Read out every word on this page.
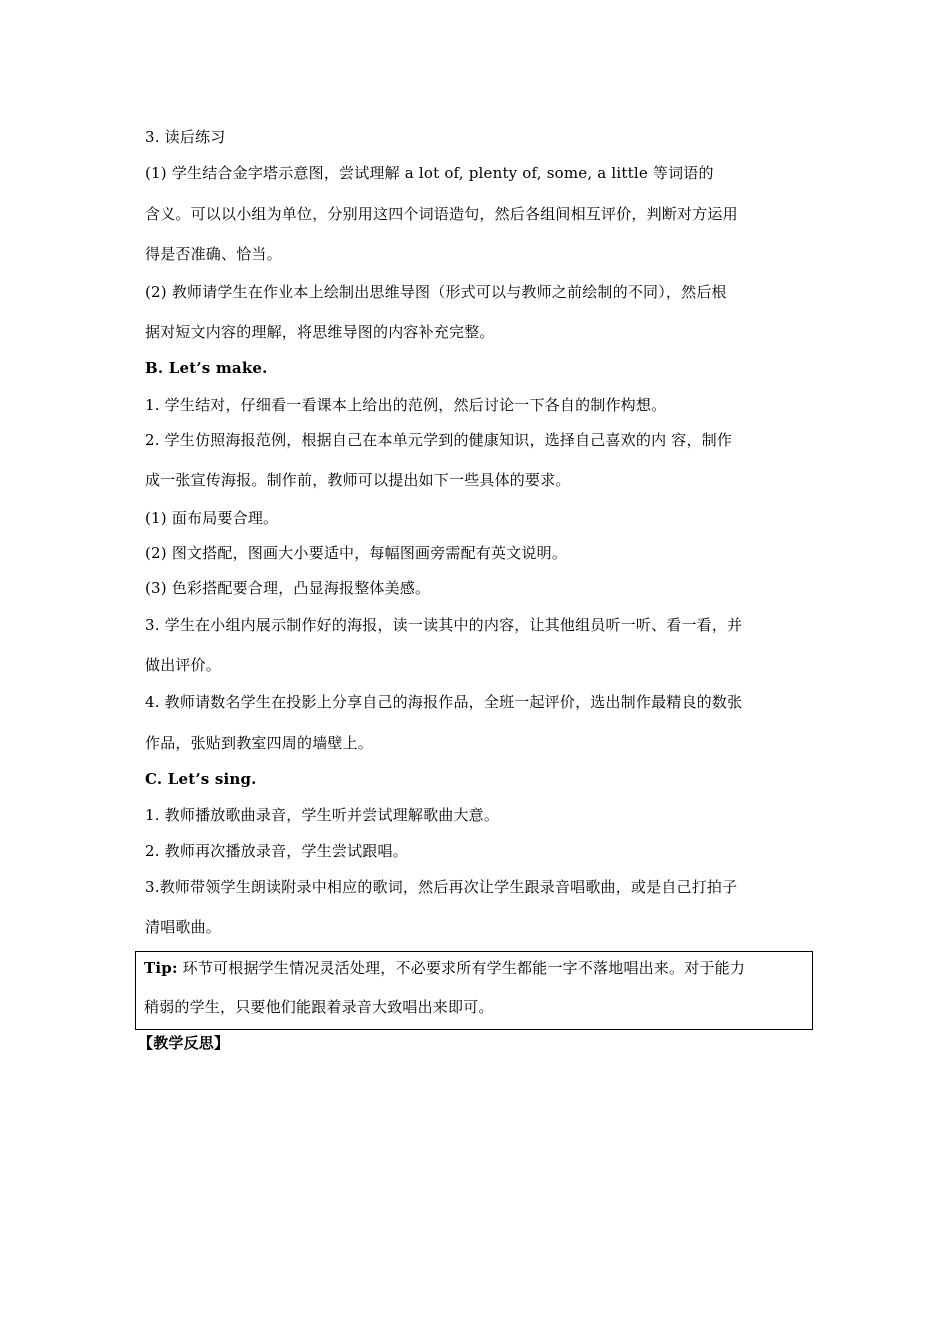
3. 读后练习
(1) 学生结合金字塔示意图，尝试理解 a lot of, plenty of, some, a little 等词语的
含义。可以以小组为单位，分别用这四个词语造句，然后各组间相互评价，判断对方运用
得是否准确、恰当。
(2) 教师请学生在作业本上绘制出思维导图（形式可以与教师之前绘制的不同），然后根
据对短文内容的理解，将思维导图的内容补充完整。
B. Let’s make.
1. 学生结对，仔细看一看课本上给出的范例，然后讨论一下各自的制作构想。
2. 学生仿照海报范例，根据自己在本单元学到的健康知识，选择自己喜欢的内 容，制作
成一张宣传海报。制作前，教师可以提出如下一些具体的要求。
(1) 面布局要合理。
(2) 图文搭配，图画大小要适中，每幅图画旁需配有英文说明。
(3) 色彩搭配要合理，凸显海报整体美感。
3. 学生在小组内展示制作好的海报，读一读其中的内容，让其他组员听一听、看一看，并
做出评价。
4. 教师请数名学生在投影上分享自己的海报作品，全班一起评价，选出制作最精良的数张
作品，张贴到教室四周的墙壁上。
C. Let’s sing.
1. 教师播放歌曲录音，学生听并尝试理解歌曲大意。
2. 教师再次播放录音，学生尝试跟唱。
3.教师带领学生朗读附录中相应的歌词，然后再次让学生跟录音唱歌曲，或是自己打拍子
清唱歌曲。
Tip: 环节可根据学生情况灵活处理，不必要求所有学生都能一字不落地唱出来。对于能力
稍弱的学生，只要他们能跟着录音大致唱出来即可。
【教学反思】
